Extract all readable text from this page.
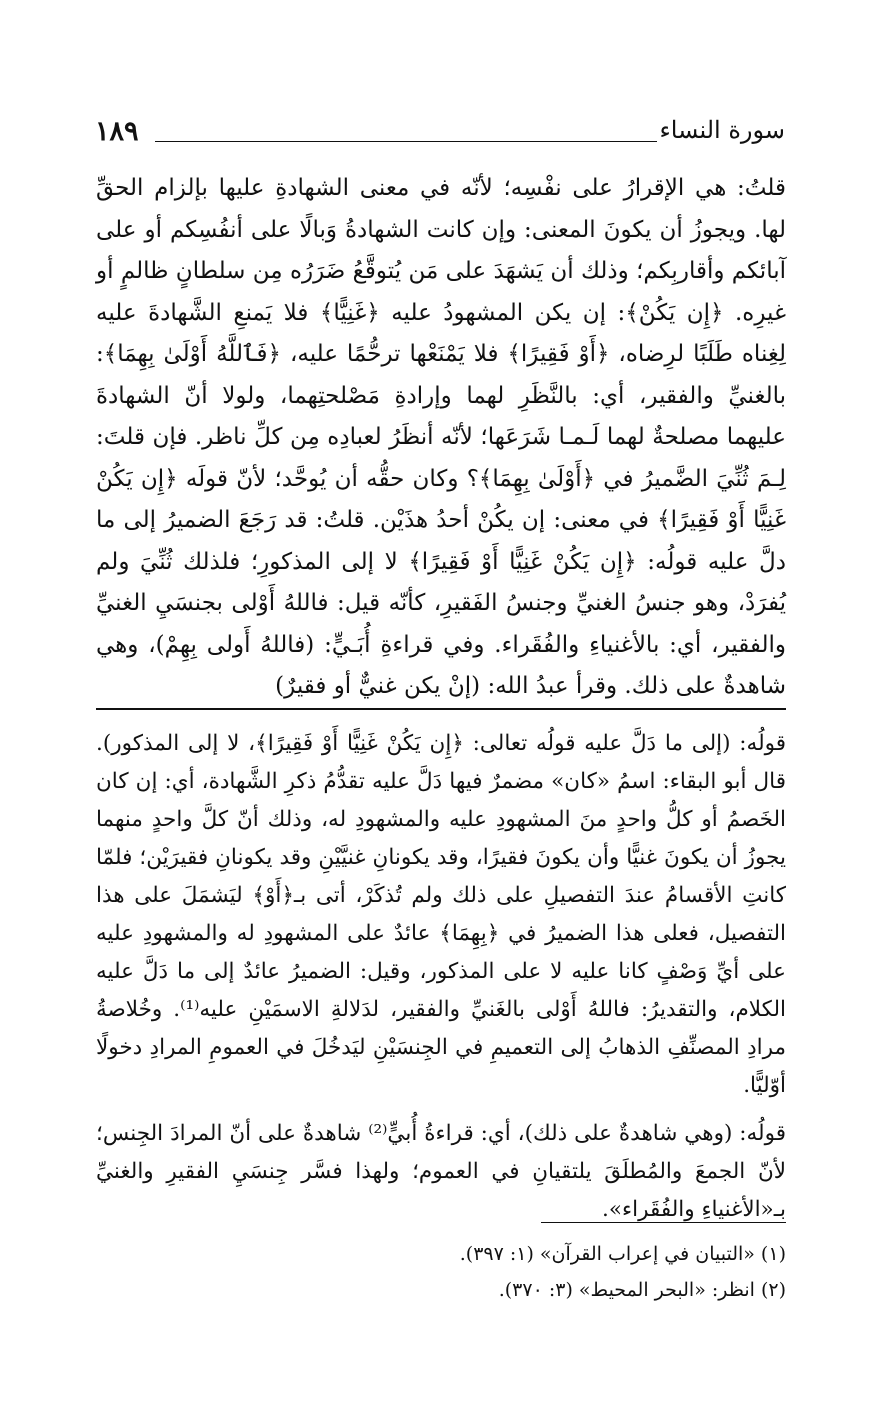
١٨٩	سورة النساء

قلتُ: هي الإقرارُ على نفْسِه؛ لأنّه في معنى الشهادةِ عليها بإلزام الحقِّ لها. ويجوزُ أن يكونَ المعنى: وإن كانت الشهادةُ وَبالًا على أنفُسِكم أو على آبائكم وأقاربِكم؛ وذلك أن يَشهَدَ على مَن يُتوقَّعُ ضَرَرُه مِن سلطانٍ ظالمٍ أو غيرِه. ﴿إِن يَكُنْ﴾: إن يكن المشهودُ عليه ﴿غَنِيًّا﴾ فلا يَمنعِ الشَّهادةَ عليه لِغِناه طَلَبًا لرِضاه، ﴿أَوْ فَقِيرًا﴾ فلا يَمْنَعْها ترحُّمًا عليه، ﴿فَٱللَّهُ أَوْلَىٰ بِهِمَا﴾: بالغنيِّ والفقير، أي: بالنَّظَرِ لهما وإرادةِ مَصْلحتِهما، ولولا أنّ الشهادةَ عليهما مصلحةٌ لهما لَـمـا شَرَعَها؛ لأنّه أنظَرُ لعبادِه مِن كلِّ ناظر. فإن قلتَ: لِـمَ ثُنِّيَ الضَّميرُ في ﴿أَوْلَىٰ بِهِمَا﴾؟ وكان حقُّه أن يُوحَّد؛ لأنّ قولَه ﴿إِن يَكُنْ غَنِيًّا أَوْ فَقِيرًا﴾ في معنى: إن يكُنْ أحدُ هذَيْن. قلتُ: قد رَجَعَ الضميرُ إلى ما دلَّ عليه قولُه: ﴿إِن يَكُنْ غَنِيًّا أَوْ فَقِيرًا﴾ لا إلى المذكورِ؛ فلذلك ثُنِّيَ ولم يُفرَدْ، وهو جنسُ الغنيِّ وجنسُ الفَقيرِ، كأنّه قيل: فاللهُ أَوْلى بجنسَيِ الغنيِّ والفقير، أي: بالأغنياءِ والفُقَراء. وفي قراءةِ أُبَـيٍّ: (فاللهُ أَولى بِهِمْ)، وهي شاهدةٌ على ذلك. وقرأ عبدُ الله: (إنْ يكن غنيٌّ أو فقيرٌ)

قولُه: (إلى ما دَلَّ عليه قولُه تعالى: ﴿إِن يَكُنْ غَنِيًّا أَوْ فَقِيرًا﴾، لا إلى المذكور). قال أبو البقاء: اسمُ «كان» مضمرٌ فيها دَلَّ عليه تقدُّمُ ذكرِ الشَّهادة، أي: إن كان الخَصمُ أو كلُّ واحدٍ منَ المشهودِ عليه والمشهودِ له، وذلك أنّ كلَّ واحدٍ منهما يجوزُ أن يكونَ غنيًّا وأن يكونَ فقيرًا، وقد يكونانِ غنيَّيْنِ وقد يكونانِ فقيرَيْن؛ فلمّا كانتِ الأقسامُ عندَ التفصيلِ على ذلك ولم تُذكَرْ، أتى بـ﴿أَوْ﴾ ليَشمَلَ على هذا التفصيل، فعلى هذا الضميرُ في ﴿بِهِمَا﴾ عائدٌ على المشهودِ له والمشهودِ عليه على أيِّ وَصْفٍ كانا عليه لا على المذكور، وقيل: الضميرُ عائدٌ إلى ما دَلَّ عليه الكلام، والتقديرُ: فاللهُ أَوْلى بالغَنيِّ والفقير، لدَلالةِ الاسمَيْنِ عليه⁽¹⁾. وخُلاصةُ مرادِ المصنِّفِ الذهابُ إلى التعميمِ في الجِنسَيْنِ ليَدخُلَ في العمومِ المرادِ دخولًا أوّليًّا.

قولُه: (وهي شاهدةٌ على ذلك)، أي: قراءةُ أُبيٍّ⁽²⁾ شاهدةٌ على أنّ المرادَ الجِنس؛ لأنّ الجمعَ والمُطلَقَ يلتقيانِ في العموم؛ ولهذا فسَّر جِنسَيِ الفقيرِ والغنيِّ بـ«الأغنياءِ والفُقَراء».

(١) «التبيان في إعراب القرآن» (١: ٣٩٧).
(٢) انظر: «البحر المحيط» (٣: ٣٧٠).
